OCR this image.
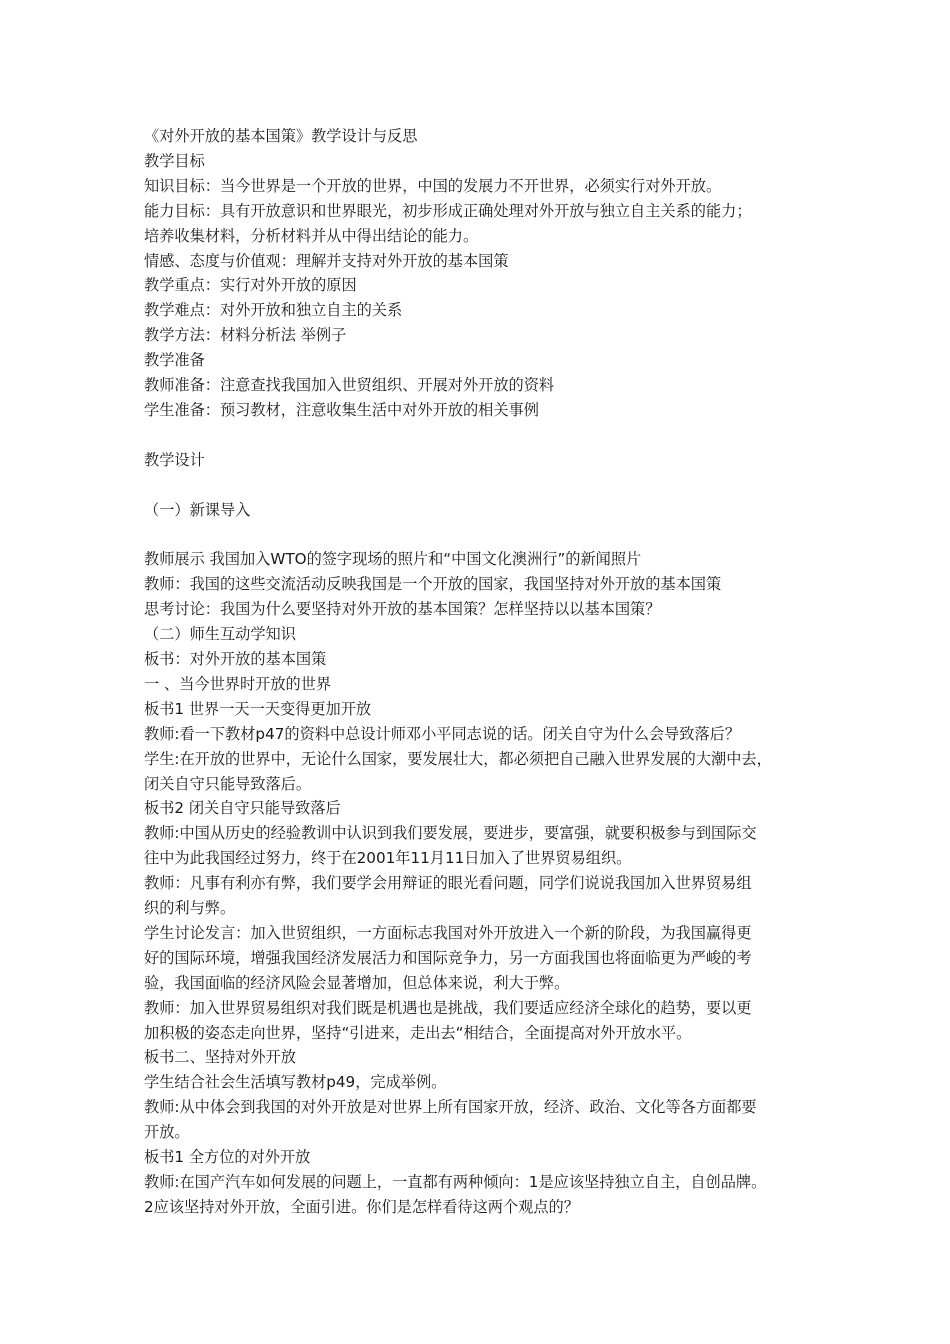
《对外开放的基本国策》教学设计与反思

教学目标

知识目标：当今世界是一个开放的世界，中国的发展力不开世界，必须实行对外开放。

能力目标：具有开放意识和世界眼光，初步形成正确处理对外开放与独立自主关系的能力；

培养收集材料，分析材料并从中得出结论的能力。

情感、态度与价值观：理解并支持对外开放的基本国策

教学重点：实行对外开放的原因

教学难点：对外开放和独立自主的关系

教学方法：材料分析法 举例子

教学准备

教师准备：注意查找我国加入世贸组织、开展对外开放的资料

学生准备：预习教材，注意收集生活中对外开放的相关事例

教学设计

（一）新课导入

教师展示 我国加入WTO的签字现场的照片和“中国文化澳洲行”的新闻照片

教师：我国的这些交流活动反映我国是一个开放的国家，我国坚持对外开放的基本国策

思考讨论：我国为什么要坚持对外开放的基本国策？怎样坚持以以基本国策？

（二）师生互动学知识

板书：对外开放的基本国策

一 、当今世界时开放的世界

板书1 世界一天一天变得更加开放

教师:看一下教材p47的资料中总设计师邓小平同志说的话。闭关自守为什么会导致落后？

学生:在开放的世界中，无论什么国家，要发展壮大，都必须把自己融入世界发展的大潮中去，

闭关自守只能导致落后。

板书2 闭关自守只能导致落后

教师:中国从历史的经验教训中认识到我们要发展，要进步，要富强，就要积极参与到国际交

往中为此我国经过努力，终于在2001年11月11日加入了世界贸易组织。

教师：凡事有利亦有弊，我们要学会用辩证的眼光看问题，同学们说说我国加入世界贸易组

织的利与弊。

学生讨论发言：加入世贸组织，一方面标志我国对外开放进入一个新的阶段，为我国赢得更

好的国际环境，增强我国经济发展活力和国际竞争力，另一方面我国也将面临更为严峻的考

验，我国面临的经济风险会显著增加，但总体来说，利大于弊。

教师：加入世界贸易组织对我们既是机遇也是挑战，我们要适应经济全球化的趋势，要以更

加积极的姿态走向世界，坚持“引进来，走出去“相结合，全面提高对外开放水平。

板书二、坚持对外开放

学生结合社会生活填写教材p49，完成举例。

教师:从中体会到我国的对外开放是对世界上所有国家开放，经济、政治、文化等各方面都要

开放。

板书1 全方位的对外开放

教师:在国产汽车如何发展的问题上，一直都有两种倾向：1是应该坚持独立自主，自创品牌。

2应该坚持对外开放，全面引进。你们是怎样看待这两个观点的？
